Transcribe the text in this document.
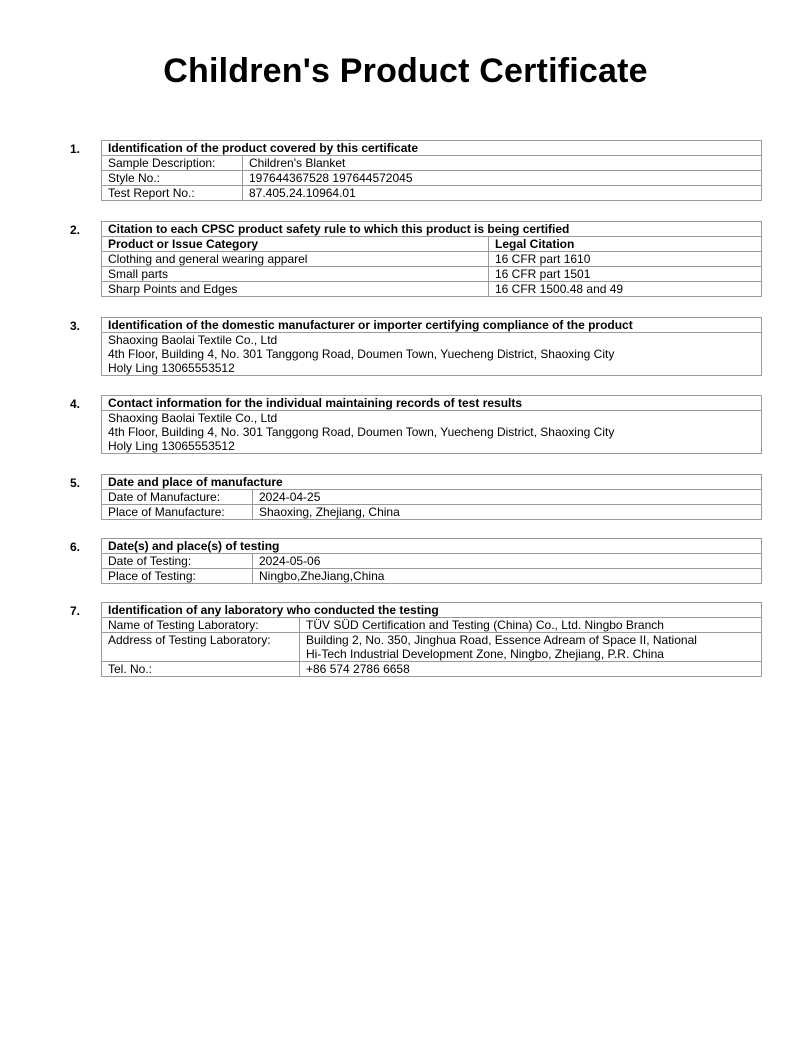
Children's Product Certificate
1. Identification of the product covered by this certificate	
Sample Description:	Children's Blanket
Style No.:	197644367528 197644572045
Test Report No.:	87.405.24.10964.01
2. Citation to each CPSC product safety rule to which this product is being certified	
Product or Issue Category	Legal Citation
Clothing and general wearing apparel	16 CFR part 1610
Small parts	16 CFR part 1501
Sharp Points and Edges	16 CFR 1500.48 and 49
3. Identification of the domestic manufacturer or importer certifying compliance of the product

Shaoxing Baolai Textile Co., Ltd
4th Floor, Building 4, No. 301 Tanggong Road, Doumen Town, Yuecheng District, Shaoxing City
Holy Ling 13065553512
4. Contact information for the individual maintaining records of test results

Shaoxing Baolai Textile Co., Ltd
4th Floor, Building 4, No. 301 Tanggong Road, Doumen Town, Yuecheng District, Shaoxing City
Holy Ling 13065553512
5. Date and place of manufacture	
Date of Manufacture:	2024-04-25
Place of Manufacture:	Shaoxing, Zhejiang, China
6. Date(s) and place(s) of testing	
Date of Testing:	2024-05-06
Place of Testing:	Ningbo,ZheJiang,China
7. Identification of any laboratory who conducted the testing	
Name of Testing Laboratory:	TÜV SÜD Certification and Testing (China) Co., Ltd. Ningbo Branch
Address of Testing Laboratory:	Building 2, No. 350, Jinghua Road, Essence Adream of Space II, National
Hi-Tech Industrial Development Zone, Ningbo, Zhejiang, P.R. China

Tel. No.:	+86 574 2786 6658
